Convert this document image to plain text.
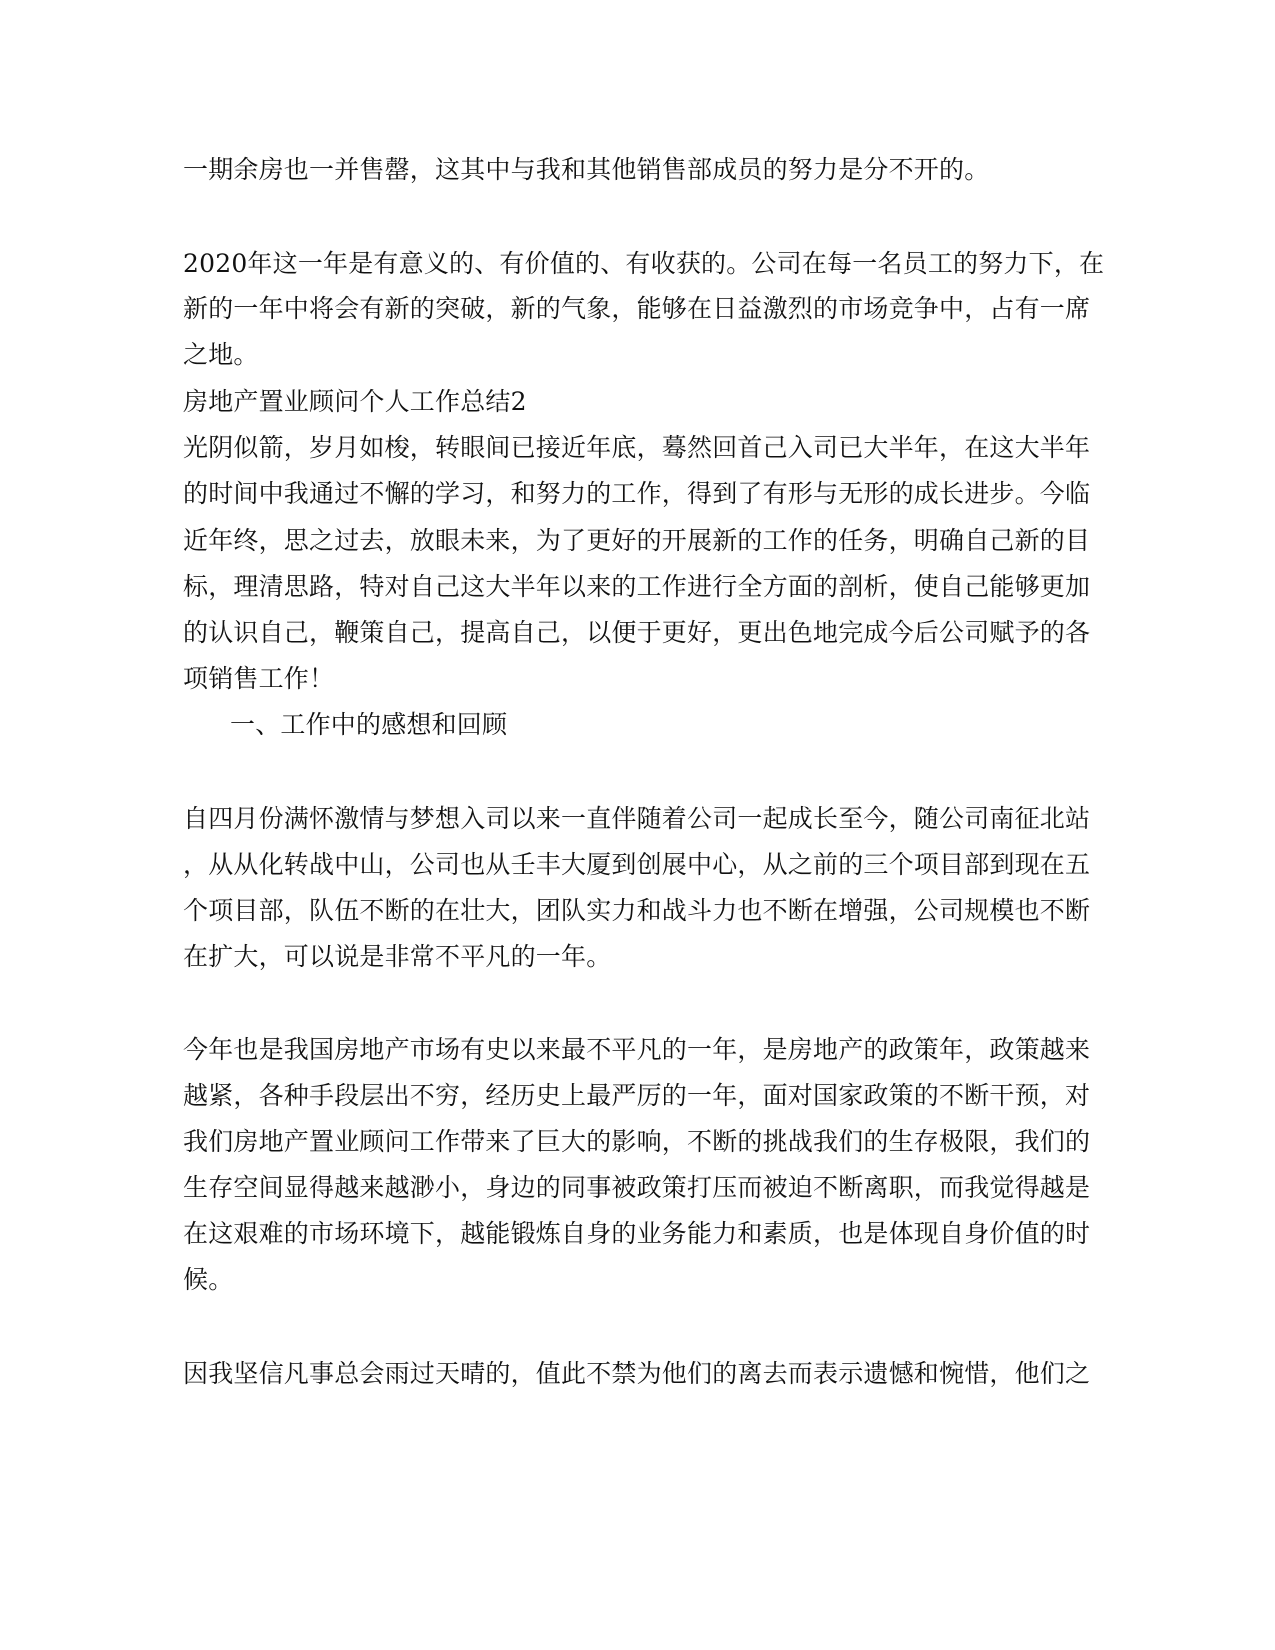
一期余房也一并售罄，这其中与我和其他销售部成员的努力是分不开的。
2020年这一年是有意义的、有价值的、有收获的。公司在每一名员工的努力下，在
新的一年中将会有新的突破，新的气象，能够在日益激烈的市场竞争中，占有一席
之地。
房地产置业顾问个人工作总结2
光阴似箭，岁月如梭，转眼间已接近年底，蓦然回首己入司已大半年，在这大半年
的时间中我通过不懈的学习，和努力的工作，得到了有形与无形的成长进步。今临
近年终，思之过去，放眼未来，为了更好的开展新的工作的任务，明确自己新的目
标，理清思路，特对自己这大半年以来的工作进行全方面的剖析，使自己能够更加
的认识自己，鞭策自己，提高自己，以便于更好，更出色地完成今后公司赋予的各
项销售工作！
一、工作中的感想和回顾
自四月份满怀激情与梦想入司以来一直伴随着公司一起成长至今，随公司南征北站
，从从化转战中山，公司也从壬丰大厦到创展中心，从之前的三个项目部到现在五
个项目部，队伍不断的在壮大，团队实力和战斗力也不断在增强，公司规模也不断
在扩大，可以说是非常不平凡的一年。
今年也是我国房地产市场有史以来最不平凡的一年，是房地产的政策年，政策越来
越紧，各种手段层出不穷，经历史上最严厉的一年，面对国家政策的不断干预，对
我们房地产置业顾问工作带来了巨大的影响，不断的挑战我们的生存极限，我们的
生存空间显得越来越渺小，身边的同事被政策打压而被迫不断离职，而我觉得越是
在这艰难的市场环境下，越能锻炼自身的业务能力和素质，也是体现自身价值的时
候。
因我坚信凡事总会雨过天晴的，值此不禁为他们的离去而表示遗憾和惋惜，他们之
